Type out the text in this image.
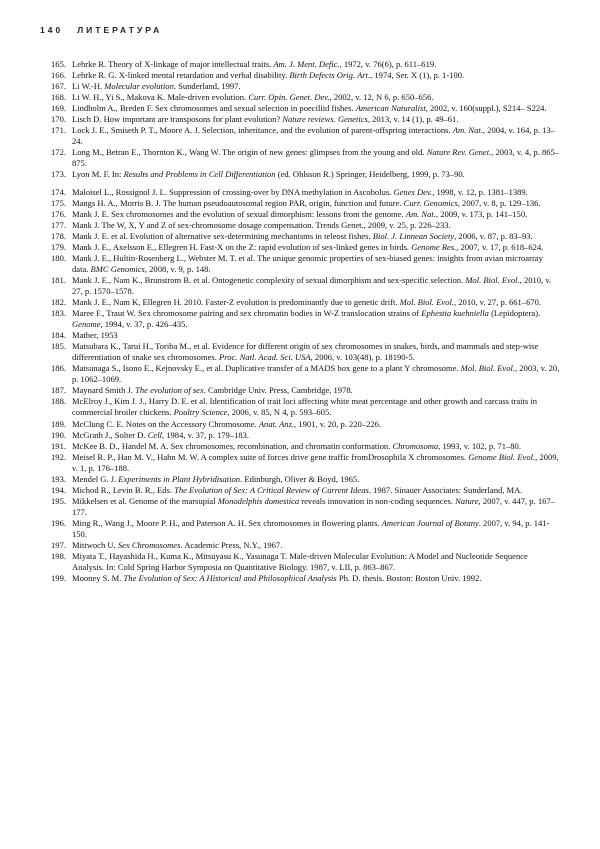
140 ЛИТЕРАТУРА
165. Lehrke R. Theory of X-linkage of major intellectual traits. Am. J. Ment. Defic., 1972, v. 76(6), p. 611–619.
166. Lehrke R. G. X-linked mental retardation and verbal disability. Birth Defects Orig. Art., 1974, Ser. X (1), p. 1-100.
167. Li W.-H. Molecular evolution. Sunderland, 1997.
168. Li W. H., Yi S., Makova K. Male-driven evolution. Curr. Opin. Genet. Dev., 2002, v. 12, N 6, p. 650–656.
169. Lindholm A., Breden F. Sex chromosomes and sexual selection in poeciliid fishes. American Naturalist, 2002, v. 160(suppl.), S214– S224.
170. Lisch D. How important are transposons for plant evolution? Nature reviews. Genetics, 2013, v. 14 (1), p. 49–61.
171. Lock J. E., Smiseth P. T., Moore A. J. Selection, inheritance, and the evolution of parent-offspring interactions. Am. Nat., 2004, v. 164, p. 13–24.
172. Long M., Betran E., Thornton K., Wang W. The origin of new genes: glimpses from the young and old. Nature Rev. Genet., 2003, v. 4, p. 865–875.
173. Lyon M. F. In: Results and Problems in Cell Differentiation (ed. Ohlsson R.) Springer, Heidelberg, 1999, p. 73–90.
174. Maloisel L., Rossignol J. L. Suppression of crossing-over by DNA methylation in Ascobolus. Genes Dev., 1998, v. 12, p. 1381–1389.
175. Mangs H. A., Morris B. J. The human pseudoautosomal region PAR, origin, function and future. Curr. Genomics, 2007, v. 8, p. 129–136.
176. Mank J. E. Sex chromosomes and the evolution of sexual dimorphism: lessons from the genome. Am. Nat., 2009, v. 173, p. 141–150.
177. Mank J. The W, X, Y and Z of sex-chromosome dosage compensation. Trends Genet., 2009, v. 25, p. 226–233.
178. Mank J. E. et al. Evolution of alternative sex-determining mechanisms in teleost fishes. Biol. J. Linnean Society, 2006, v. 87, p. 83–93.
179. Mank J. E., Axelsson E., Ellegren H. Fast-X on the Z: rapid evolution of sex-linked genes in birds. Genome Res., 2007, v. 17, p. 618–624.
180. Mank J. E., Hultin-Rosenberg L., Webster M. T. et al. The unique genomic properties of sex-biased genes: insights from avian microarray data. BMC Genomics, 2008, v. 9, p. 148.
181. Mank J. E., Nam K., Brunstrom B. et al. Ontogenetic complexity of sexual dimorphism and sex-specific selection. Mol. Biol. Evol., 2010, v. 27, p. 1570–1578.
182. Mank J. E., Nam K, Ellegren H. 2010. Faster-Z evolution is predominantly due to genetic drift. Mol. Biol. Evol., 2010, v. 27, p. 661–670.
183. Maree F., Traut W. Sex chromosome pairing and sex chromatin bodies in W-Z translocation strains of Ephestia kuehniella (Lepidoptera). Genome, 1994, v. 37, p. 426–435.
184. Mather, 1953
185. Matsubara K., Tarui H., Toriba M., et al. Evidence for different origin of sex chromosomes in snakes, birds, and mammals and step-wise differentiation of snake sex chromosomes. Proc. Natl. Acad. Sci. USA, 2006, v. 103(48), p. 18190-5.
186. Matsunaga S., Isono E., Kejnovsky E., et al. Duplicative transfer of a MADS box gene to a plant Y chromosome. Mol. Biol. Evol., 2003, v. 20, p. 1062–1069.
187. Maynard Smith J. The evolution of sex. Cambridge Univ. Press, Cambridge, 1978.
188. McElroy J., Kim J. J., Harry D. E. et al. Identification of trait loci affecting white meat percentage and other growth and carcass traits in commercial broiler chickens. Poultry Science, 2006, v. 85, N 4, p. 593–605.
189. McClung C. E. Notes on the Accessory Chromosome. Anat. Anz., 1901, v. 20, p. 220–226.
190. McGrath J., Solter D. Cell, 1984, v. 37, p. 179–183.
191. McKee B. D., Handel M. A. Sex chromosomes, recombination, and chromatin conformation. Chromosoma, 1993, v. 102, p. 71–80.
192. Meisel R. P., Han M. V., Hahn M. W. A complex suite of forces drive gene traffic fromDrosophila X chromosomes. Genome Biol. Evol., 2009, v. 1, p. 176–188.
193. Mendel G. J. Experiments in Plant Hybridisation. Edinburgh, Oliver & Boyd, 1965.
194. Michod R., Levin B. R., Eds. The Evolution of Sex: A Critical Review of Current Ideas. 1987. Sinauer Associates: Sunderland, MA.
195. Mikkelsen et al. Genome of the marsupial Monodelphis domestica reveals innovation in non-coding sequences. Nature, 2007, v. 447, p. 167–177.
196. Ming R., Wang J., Moore P. H., and Paterson A. H. Sex chromosomes in flowering plants. American Journal of Botany. 2007, v. 94, p. 141-150.
197. Mittwoch U. Sex Chromosomes. Academic Press, N.Y., 1967.
198. Miyata T., Hayashida H., Kuma K., Mitsuyasu K., Yasunaga T. Male-driven Molecular Evolution: A Model and Nucleotide Sequence Analysis. In: Cold Spring Harbor Symposia on Quantitative Biology. 1987, v. LII, p. 863–867.
199. Mooney S. M. The Evolution of Sex: A Historical and Philosophical Analysis Ph. D. thesis. Boston: Boston Univ. 1992.
